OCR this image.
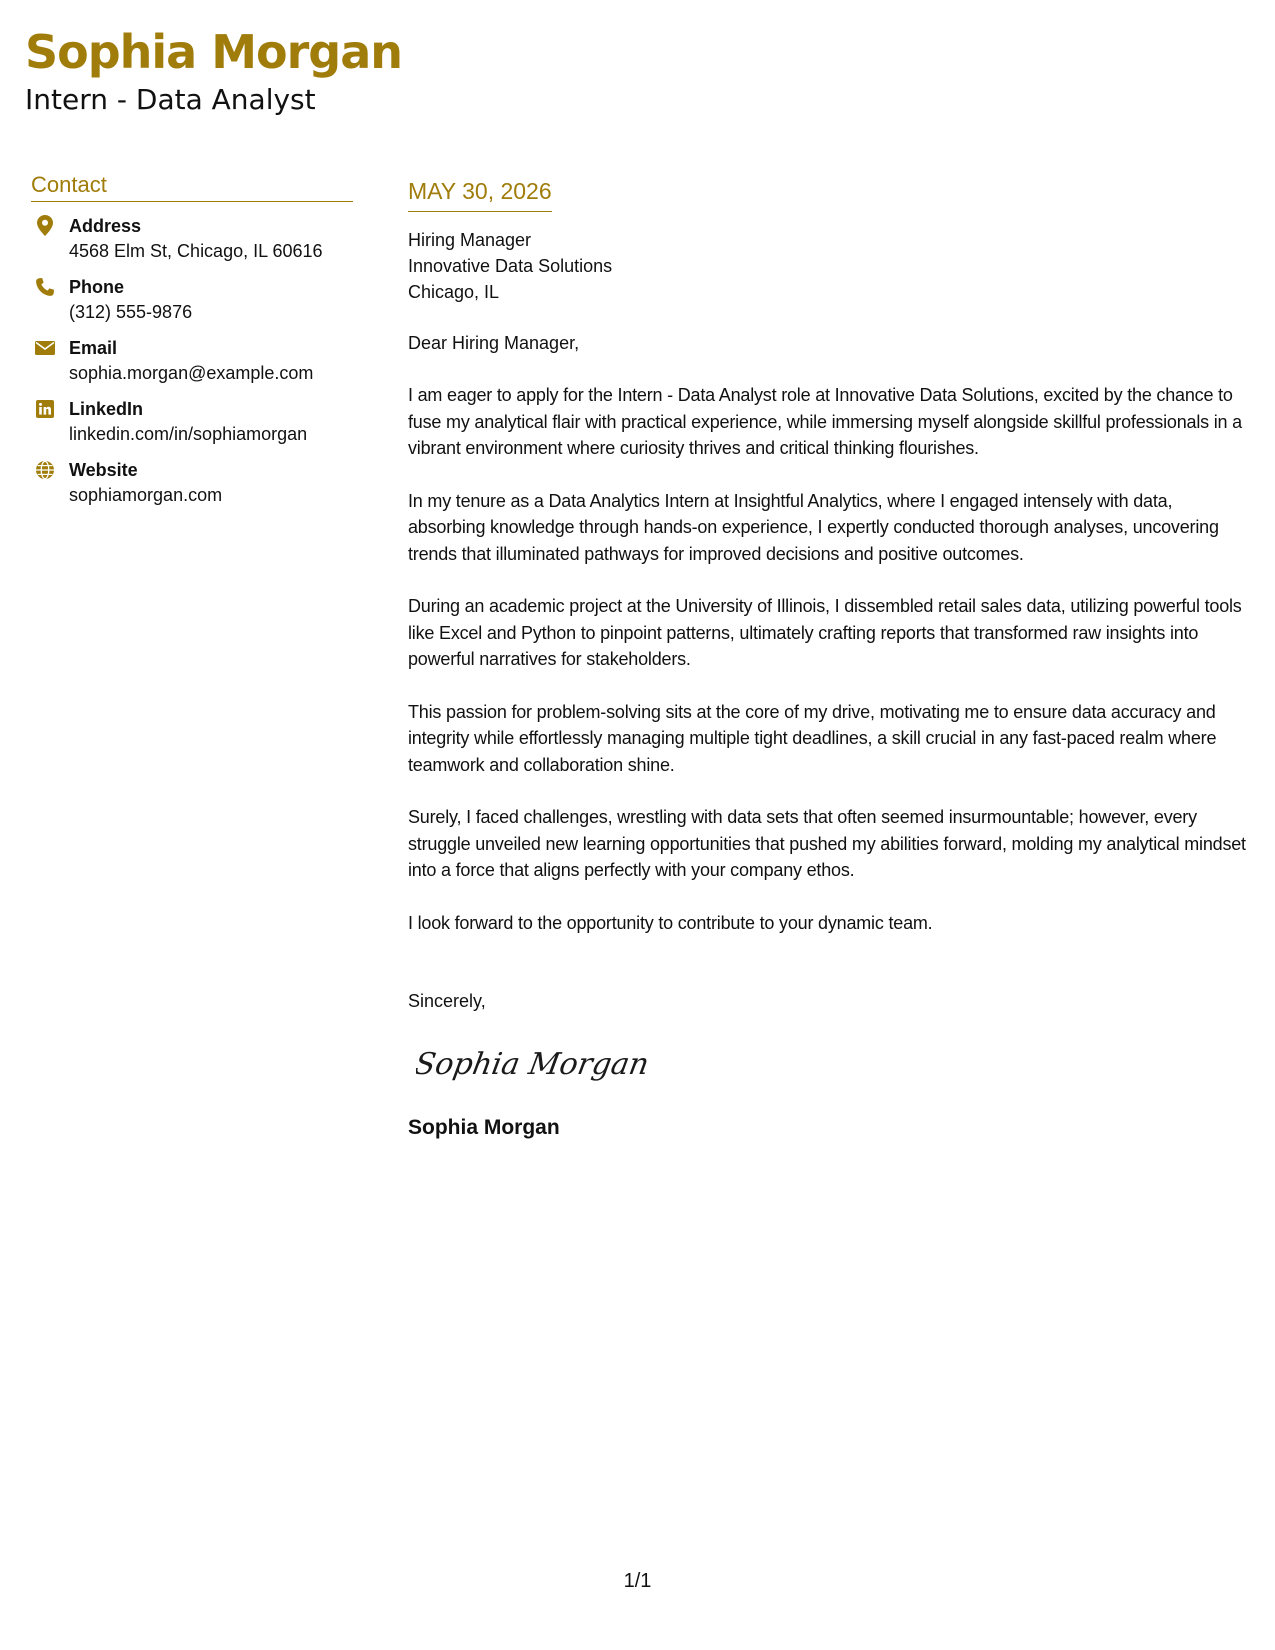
Sophia Morgan
Intern - Data Analyst
Contact
Address
4568 Elm St, Chicago, IL 60616
Phone
(312) 555-9876
Email
sophia.morgan@example.com
LinkedIn
linkedin.com/in/sophiamorgan
Website
sophiamorgan.com
MAY 30, 2026
Hiring Manager
Innovative Data Solutions
Chicago, IL
Dear Hiring Manager,
I am eager to apply for the Intern - Data Analyst role at Innovative Data Solutions, excited by the chance to fuse my analytical flair with practical experience, while immersing myself alongside skillful professionals in a vibrant environment where curiosity thrives and critical thinking flourishes.
In my tenure as a Data Analytics Intern at Insightful Analytics, where I engaged intensely with data, absorbing knowledge through hands-on experience, I expertly conducted thorough analyses, uncovering trends that illuminated pathways for improved decisions and positive outcomes.
During an academic project at the University of Illinois, I dissembled retail sales data, utilizing powerful tools like Excel and Python to pinpoint patterns, ultimately crafting reports that transformed raw insights into powerful narratives for stakeholders.
This passion for problem-solving sits at the core of my drive, motivating me to ensure data accuracy and integrity while effortlessly managing multiple tight deadlines, a skill crucial in any fast-paced realm where teamwork and collaboration shine.
Surely, I faced challenges, wrestling with data sets that often seemed insurmountable; however, every struggle unveiled new learning opportunities that pushed my abilities forward, molding my analytical mindset into a force that aligns perfectly with your company ethos.
I look forward to the opportunity to contribute to your dynamic team.
Sincerely,
Sophia Morgan
Sophia Morgan
1/1
